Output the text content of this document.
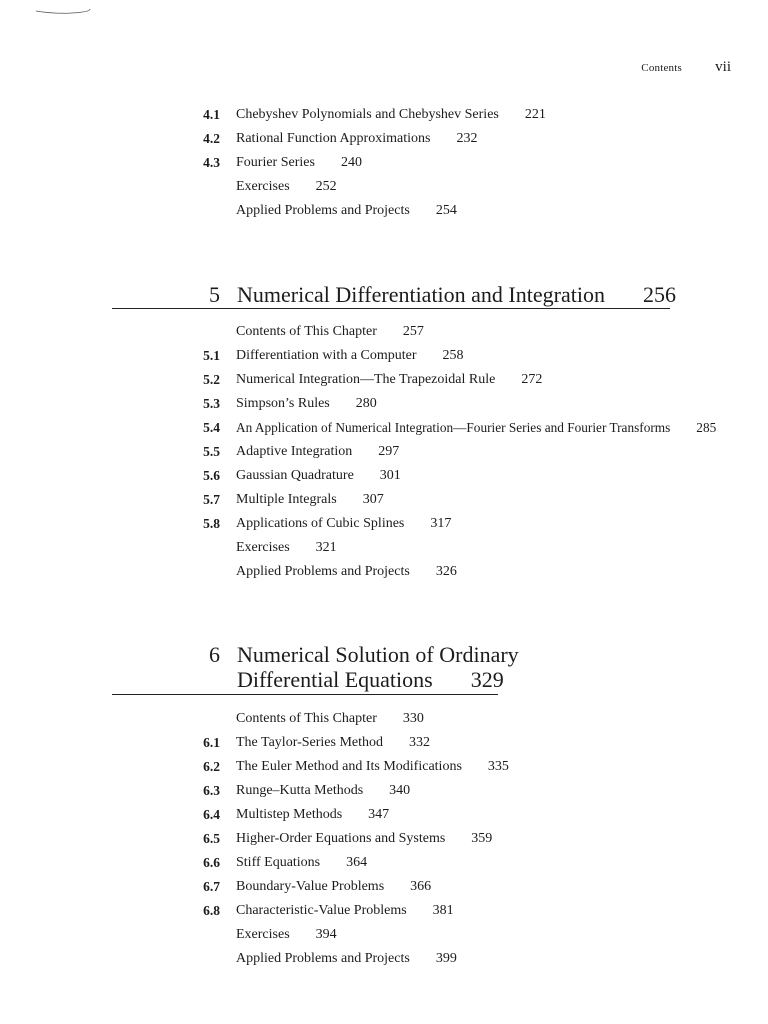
Contents vii
4.1 Chebyshev Polynomials and Chebyshev Series 221
4.2 Rational Function Approximations 232
4.3 Fourier Series 240
Exercises 252
Applied Problems and Projects 254
5 Numerical Differentiation and Integration 256
Contents of This Chapter 257
5.1 Differentiation with a Computer 258
5.2 Numerical Integration—The Trapezoidal Rule 272
5.3 Simpson’s Rules 280
5.4 An Application of Numerical Integration—Fourier Series and Fourier Transforms 285
5.5 Adaptive Integration 297
5.6 Gaussian Quadrature 301
5.7 Multiple Integrals 307
5.8 Applications of Cubic Splines 317
Exercises 321
Applied Problems and Projects 326
6 Numerical Solution of Ordinary
Differential Equations 329
Contents of This Chapter 330
6.1 The Taylor-Series Method 332
6.2 The Euler Method and Its Modifications 335
6.3 Runge–Kutta Methods 340
6.4 Multistep Methods 347
6.5 Higher-Order Equations and Systems 359
6.6 Stiff Equations 364
6.7 Boundary-Value Problems 366
6.8 Characteristic-Value Problems 381
Exercises 394
Applied Problems and Projects 399
